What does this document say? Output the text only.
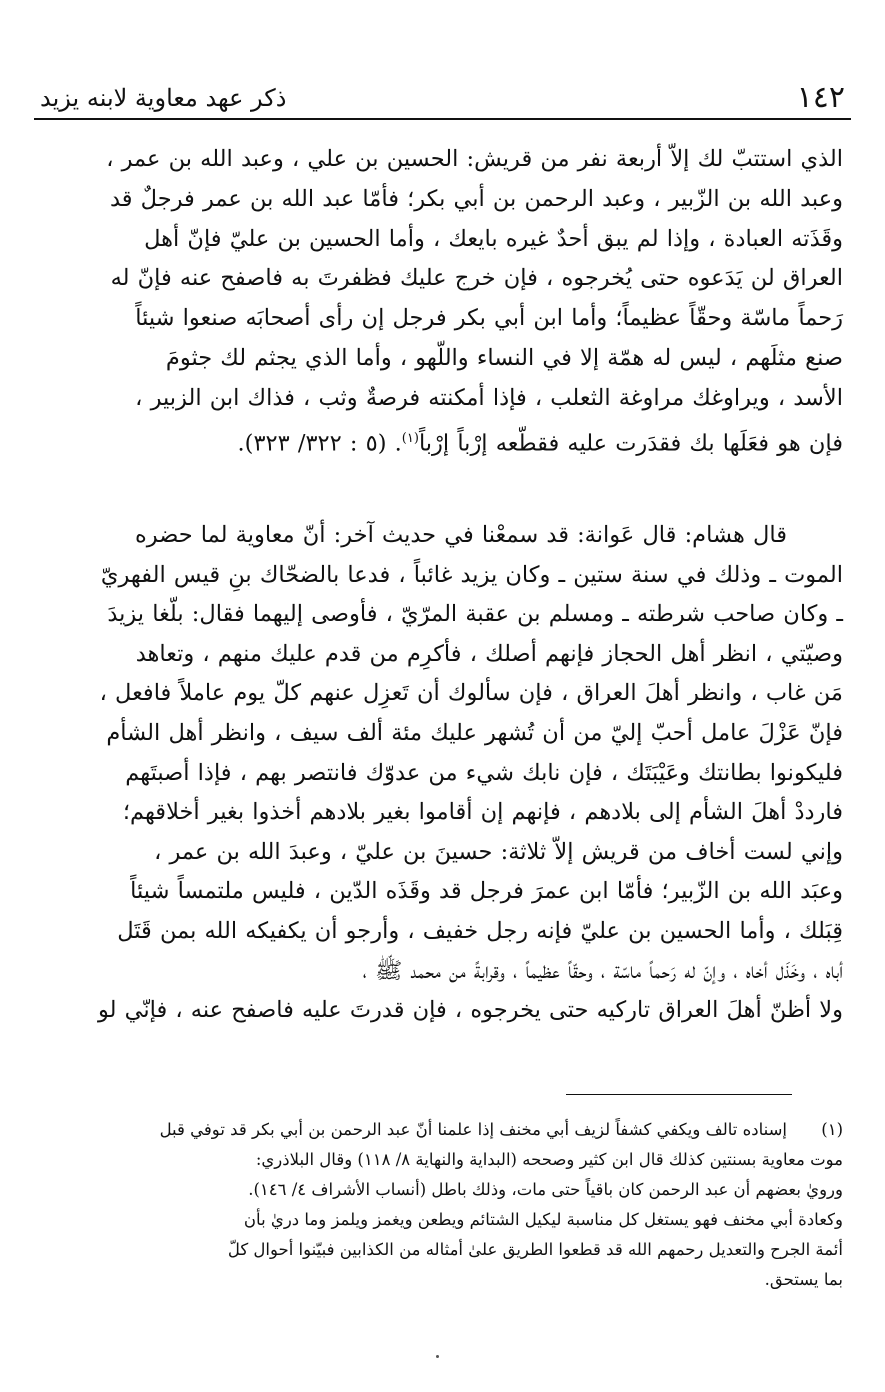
١٤٢
ذكر عهد معاوية لابنه يزيد
الذي استتبّ لك إلاّ أربعة نفر من قريش: الحسين بن علي ، وعبد الله بن عمر ،
وعبد الله بن الزّبير ، وعبد الرحمن بن أبي بكر؛ فأمّا عبد الله بن عمر فرجلٌ قد
وقَذَته العبادة ، وإذا لم يبق أحدٌ غيره بايعك ، وأما الحسين بن عليّ فإنّ أهل
العراق لن يَدَعوه حتى يُخرجوه ، فإن خرج عليك فظفرتَ به فاصفح عنه فإنّ له
رَحماً ماسّة وحقّاً عظيماً؛ وأما ابن أبي بكر فرجل إن رأى أصحابَه صنعوا شيئاً
صنع مثلَهم ، ليس له همّة إلا في النساء واللّهو ، وأما الذي يجثم لك جثومَ
الأسد ، ويراوغك مراوغة الثعلب ، فإذا أمكنته فرصةٌ وثب ، فذاك ابن الزبير ،
فإن هو فعَلَها بك فقدَرت عليه فقطّعه إرْباً إرْباً$^{(١)}$. (٥ : ٣٢٢/ ٣٢٣).
قال هشام: قال عَوانة: قد سمعْنا في حديث آخر: أنّ معاوية لما حضره
الموت ـ وذلك في سنة ستين ـ وكان يزيد غائباً ، فدعا بالضحّاك بنِ قيس الفهريّ
ـ وكان صاحب شرطته ـ ومسلم بن عقبة المرّيّ ، فأوصى إليهما فقال: بلّغا يزيدَ
وصيّتي ، انظر أهل الحجاز فإنهم أصلك ، فأكرِم من قدم عليك منهم ، وتعاهد
مَن غاب ، وانظر أهلَ العراق ، فإن سألوك أن تَعزِل عنهم كلّ يوم عاملاً فافعل ،
فإنّ عَزْلَ عامل أحبّ إليّ من أن تُشهر عليك مئة ألف سيف ، وانظر أهل الشأم
فليكونوا بطانتك وعَيْبَتَك ، فإن نابك شيء من عدوّك فانتصر بهم ، فإذا أصبتَهم
فارددْ أهلَ الشأم إلى بلادهم ، فإنهم إن أقاموا بغير بلادهم أخذوا بغير أخلاقهم؛
وإني لست أخاف من قريش إلاّ ثلاثة: حسينَ بن عليّ ، وعبدَ الله بن عمر ،
وعبَد الله بن الزّبير؛ فأمّا ابن عمرَ فرجل قد وقَذَه الدّين ، فليس ملتمساً شيئاً
قِبَلك ، وأما الحسين بن عليّ فإنه رجل خفيف ، وأرجو أن يكفيكه الله بمن قَتَل
أباه ، وخَذَل أخاه ، وإنّ له رَحماً ماسّة ، وحقّاً عظيماً ، وقرابةً من محمد ﷺ ،
ولا أظنّ أهلَ العراق تاركيه حتى يخرجوه ، فإن قدرتَ عليه فاصفح عنه ، فإنّي لو
(١)
إسناده تالف ويكفي كشفاً لزيف أبي مخنف إذا علمنا أنّ عبد الرحمن بن أبي بكر قد توفي قبل
موت معاوية بسنتين كذلك قال ابن كثير وصححه (البداية والنهاية ٨/ ١١٨) وقال البلاذري:
ورويٰ بعضهم أن عبد الرحمن كان باقياً حتى مات، وذلك باطل (أنساب الأشراف ٤/ ١٤٦).
وكعادة أبي مخنف فهو يستغل كل مناسبة ليكيل الشتائم ويطعن ويغمز ويلمز وما دريٰ بأن
أئمة الجرح والتعديل رحمهم الله قد قطعوا الطريق علىٰ أمثاله من الكذابين فبيّنوا أحوال كلّ
بما يستحق.
